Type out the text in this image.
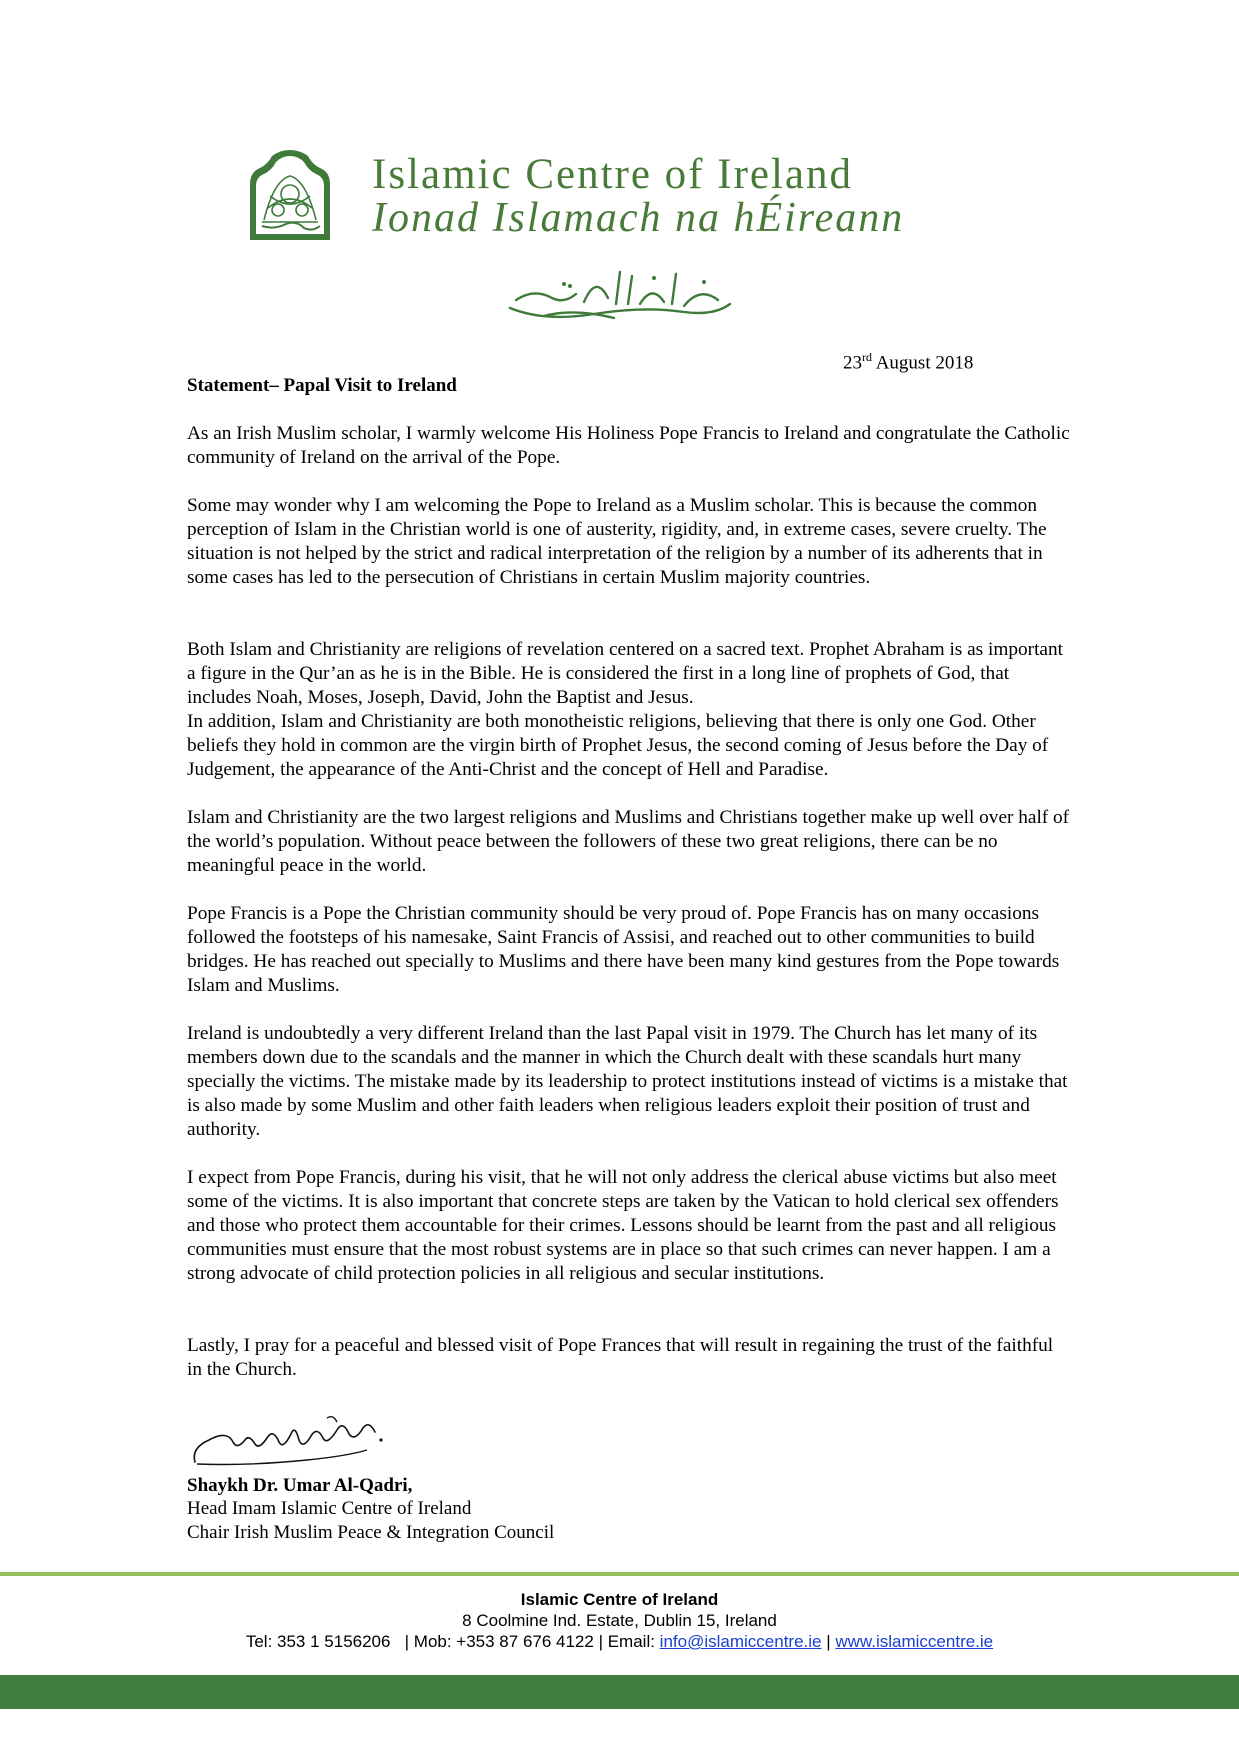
Islamic Centre of Ireland
Ionad Islamach na hÉireann
23rd August 2018
Statement– Papal Visit to Ireland

As an Irish Muslim scholar, I warmly welcome His Holiness Pope Francis to Ireland and congratulate the Catholic community of Ireland on the arrival of the Pope.

Some may wonder why I am welcoming the Pope to Ireland as a Muslim scholar. This is because the common perception of Islam in the Christian world is one of austerity, rigidity, and, in extreme cases, severe cruelty. The situation is not helped by the strict and radical interpretation of the religion by a number of its adherents that in some cases has led to the persecution of Christians in certain Muslim majority countries.

Both Islam and Christianity are religions of revelation centered on a sacred text. Prophet Abraham is as important a figure in the Qur’an as he is in the Bible. He is considered the first in a long line of prophets of God, that includes Noah, Moses, Joseph, David, John the Baptist and Jesus.

In addition, Islam and Christianity are both monotheistic religions, believing that there is only one God. Other beliefs they hold in common are the virgin birth of Prophet Jesus, the second coming of Jesus before the Day of Judgement, the appearance of the Anti-Christ and the concept of Hell and Paradise.

Islam and Christianity are the two largest religions and Muslims and Christians together make up well over half of the world’s population. Without peace between the followers of these two great religions, there can be no meaningful peace in the world.

Pope Francis is a Pope the Christian community should be very proud of. Pope Francis has on many occasions followed the footsteps of his namesake, Saint Francis of Assisi, and reached out to other communities to build bridges. He has reached out specially to Muslims and there have been many kind gestures from the Pope towards Islam and Muslims.

Ireland is undoubtedly a very different Ireland than the last Papal visit in 1979. The Church has let many of its members down due to the scandals and the manner in which the Church dealt with these scandals hurt many specially the victims. The mistake made by its leadership to protect institutions instead of victims is a mistake that is also made by some Muslim and other faith leaders when religious leaders exploit their position of trust and authority.

I expect from Pope Francis, during his visit, that he will not only address the clerical abuse victims but also meet some of the victims. It is also important that concrete steps are taken by the Vatican to hold clerical sex offenders and those who protect them accountable for their crimes. Lessons should be learnt from the past and all religious communities must ensure that the most robust systems are in place so that such crimes can never happen. I am a strong advocate of child protection policies in all religious and secular institutions.

Lastly, I pray for a peaceful and blessed visit of Pope Frances that will result in regaining the trust of the faithful in the Church.

Shaykh Dr. Umar Al-Qadri,
Head Imam Islamic Centre of Ireland
Chair Irish Muslim Peace & Integration Council
Islamic Centre of Ireland
8 Coolmine Ind. Estate, Dublin 15, Ireland
Tel: 353 1 5156206   | Mob: +353 87 676 4122 | Email: info@islamiccentre.ie | www.islamiccentre.ie
